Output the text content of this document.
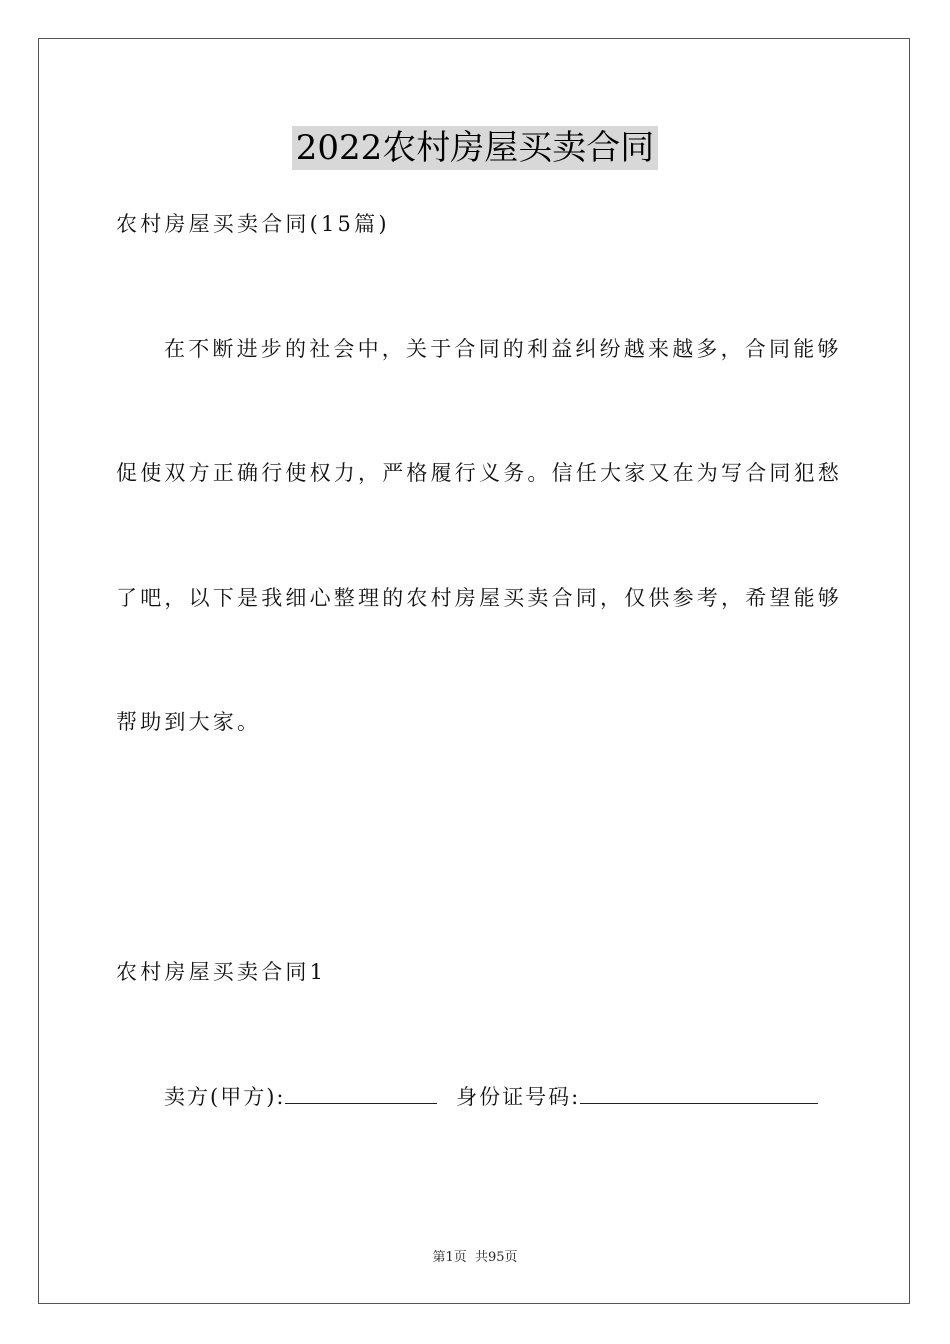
2022农村房屋买卖合同
农村房屋买卖合同(15篇)
在不断进步的社会中，关于合同的利益纠纷越来越多，合同能够
促使双方正确行使权力，严格履行义务。信任大家又在为写合同犯愁
了吧，以下是我细心整理的农村房屋买卖合同，仅供参考，希望能够
帮助到大家。
农村房屋买卖合同1
卖方(甲方):	身份证号码:
第1页 共95页
